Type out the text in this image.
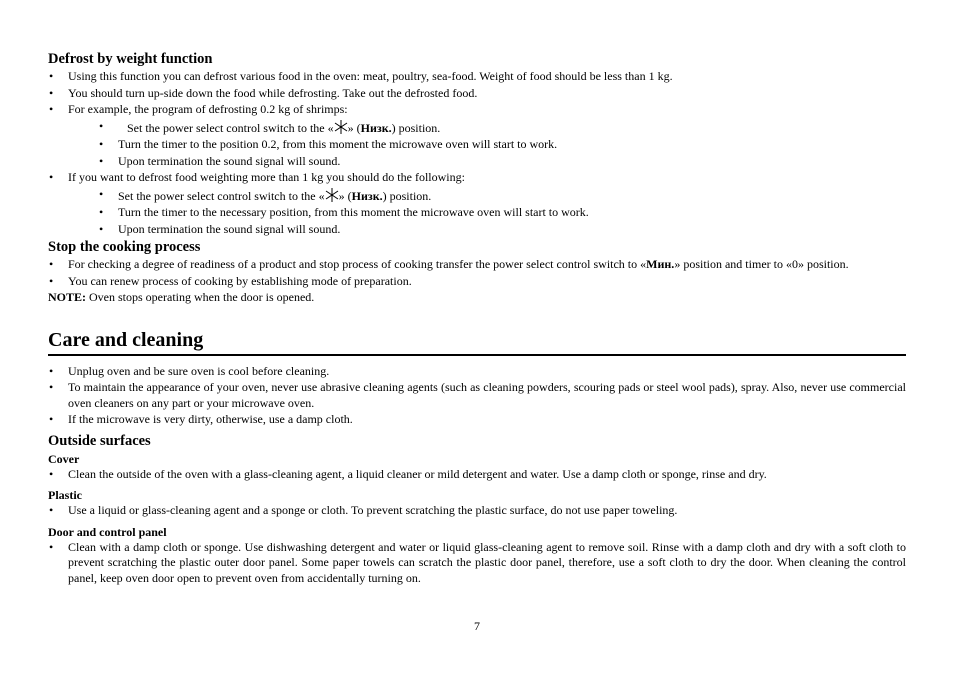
Defrost by weight function
• Using this function you can defrost various food in the oven: meat, poultry, sea-food. Weight of food should be less than 1 kg.
• You should turn up-side down the food while defrosting. Take out the defrosted food.
• For example, the program of defrosting 0.2 kg of shrimps:
• Set the power select control switch to the « » (Низк.) position.
• Turn the timer to the position 0.2, from this moment the microwave oven will start to work.
• Upon termination the sound signal will sound.
• If you want to defrost food weighting more than 1 kg you should do the following:
• Set the power select control switch to the « » (Низк.) position.
• Turn the timer to the necessary position, from this moment the microwave oven will start to work.
• Upon termination the sound signal will sound.
Stop the cooking process
• For checking a degree of readiness of a product and stop process of cooking transfer the power select control switch to «Мин.» position and timer to «0» position.
• You can renew process of cooking by establishing mode of preparation.

NOTE: Oven stops operating when the door is opened.

Care and cleaning
• Unplug oven and be sure oven is cool before cleaning.
• To maintain the appearance of your oven, never use abrasive cleaning agents (such as cleaning powders, scouring pads or steel wool pads), spray. Also, never use commercial oven cleaners on any part or your microwave oven.
• If the microwave is very dirty, otherwise, use a damp cloth.
Outside surfaces
Cover
• Clean the outside of the oven with a glass-cleaning agent, a liquid cleaner or mild detergent and water. Use a damp cloth or sponge, rinse and dry.
Plastic
• Use a liquid or glass-cleaning agent and a sponge or cloth. To prevent scratching the plastic surface, do not use paper toweling.
Door and control panel
• Clean with a damp cloth or sponge. Use dishwashing detergent and water or liquid glass-cleaning agent to remove soil. Rinse with a damp cloth and dry with a soft cloth to prevent scratching the plastic outer door panel. Some paper towels can scratch the plastic door panel, therefore, use a soft cloth to dry the door. When cleaning the control panel, keep oven door open to prevent oven from accidentally turning on.
7
